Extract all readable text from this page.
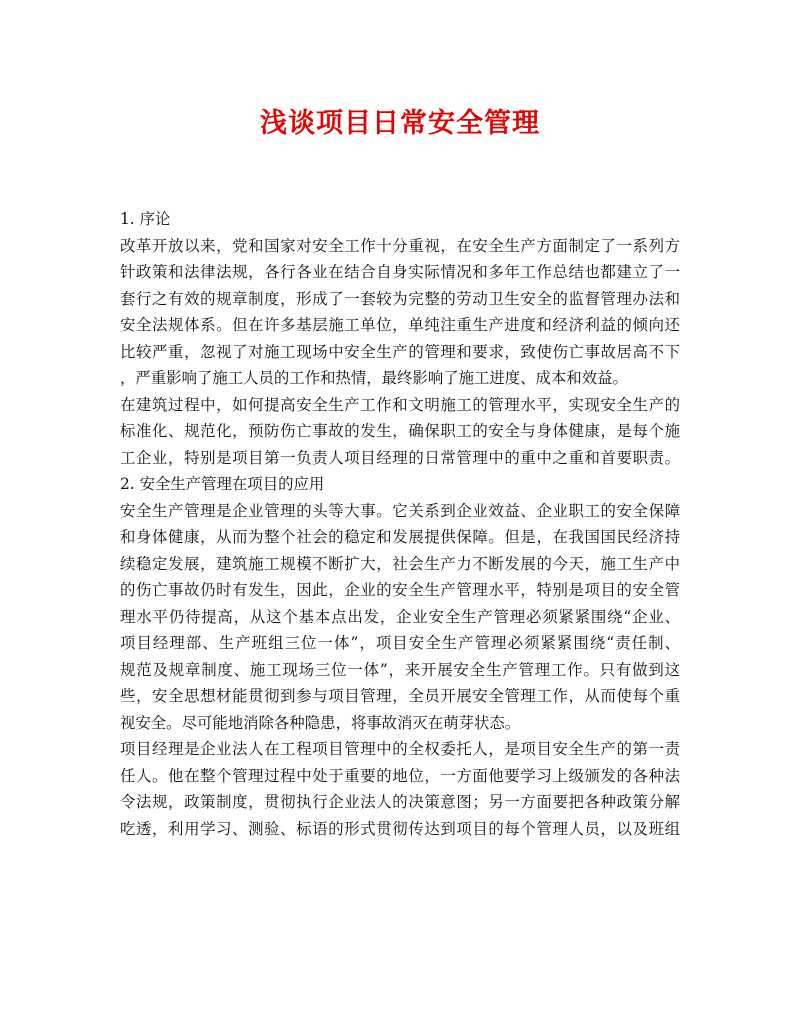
浅谈项目日常安全管理
1. 序论
改革开放以来，党和国家对安全工作十分重视，在安全生产方面制定了一系列方
针政策和法律法规，各行各业在结合自身实际情况和多年工作总结也都建立了一
套行之有效的规章制度，形成了一套较为完整的劳动卫生安全的监督管理办法和
安全法规体系。但在许多基层施工单位，单纯注重生产进度和经济利益的倾向还
比较严重，忽视了对施工现场中安全生产的管理和要求，致使伤亡事故居高不下
，严重影响了施工人员的工作和热情，最终影响了施工进度、成本和效益。
在建筑过程中，如何提高安全生产工作和文明施工的管理水平，实现安全生产的
标准化、规范化，预防伤亡事故的发生，确保职工的安全与身体健康，是每个施
工企业，特别是项目第一负责人项目经理的日常管理中的重中之重和首要职责。
2. 安全生产管理在项目的应用
安全生产管理是企业管理的头等大事。它关系到企业效益、企业职工的安全保障
和身体健康，从而为整个社会的稳定和发展提供保障。但是，在我国国民经济持
续稳定发展，建筑施工规模不断扩大，社会生产力不断发展的今天，施工生产中
的伤亡事故仍时有发生，因此，企业的安全生产管理水平，特别是项目的安全管
理水平仍待提高，从这个基本点出发，企业安全生产管理必须紧紧围绕“企业、
项目经理部、生产班组三位一体”，项目安全生产管理必须紧紧围绕“责任制、
规范及规章制度、施工现场三位一体”，来开展安全生产管理工作。只有做到这
些，安全思想材能贯彻到参与项目管理，全员开展安全管理工作，从而使每个重
视安全。尽可能地消除各种隐患，将事故消灭在萌芽状态。
项目经理是企业法人在工程项目管理中的全权委托人，是项目安全生产的第一责
任人。他在整个管理过程中处于重要的地位，一方面他要学习上级颁发的各种法
令法规，政策制度，贯彻执行企业法人的决策意图；另一方面要把各种政策分解
吃透，利用学习、测验、标语的形式贯彻传达到项目的每个管理人员，以及班组
